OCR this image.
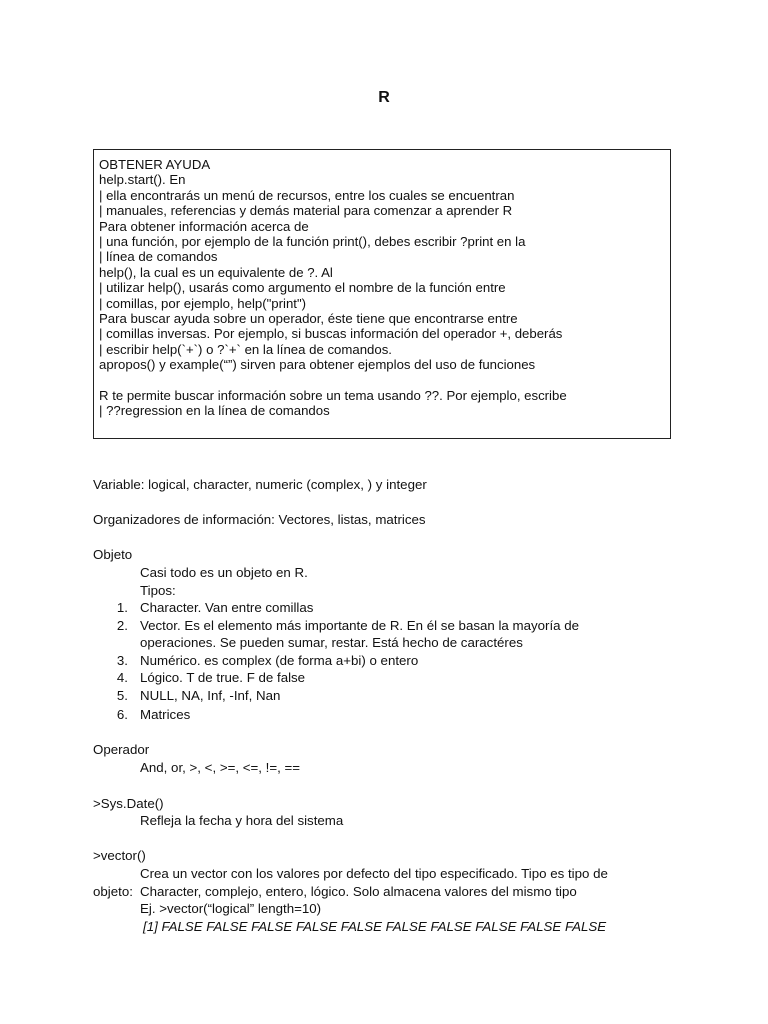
R
OBTENER AYUDA
help.start(). En
| ella encontrarás un menú de recursos, entre los cuales se encuentran
| manuales, referencias y demás material para comenzar a aprender R
Para obtener información acerca de
| una función, por ejemplo de la función print(), debes escribir ?print en la
| línea de comandos
help(), la cual es un equivalente de ?. Al
| utilizar help(), usarás como argumento el nombre de la función entre
| comillas, por ejemplo, help("print")
Para buscar ayuda sobre un operador, éste tiene que encontrarse entre
| comillas inversas. Por ejemplo, si buscas información del operador +, deberás
| escribir help(`+`) o ?`+` en la línea de comandos.
apropos() y example(“”) sirven para obtener ejemplos del uso de funciones
R te permite buscar información sobre un tema usando ??. Por ejemplo, escribe
| ??regression en la línea de comandos
Variable: logical, character, numeric (complex, ) y integer
Organizadores de información: Vectores, listas, matrices
Objeto
Casi todo es un objeto en R.
Tipos:
1. Character. Van entre comillas
2. Vector. Es el elemento más importante de R. En él se basan la mayoría de
operaciones. Se pueden sumar, restar. Está hecho de caractéres
3. Numérico. es complex (de forma a+bi) o entero
4. Lógico. T de true. F de false
5. NULL, NA, Inf, -Inf, Nan
6. Matrices
Operador
And, or, >, <, >=, <=, !=, ==
>Sys.Date()
Refleja la fecha y hora del sistema
>vector()
Crea un vector con los valores por defecto del tipo especificado. Tipo es tipo de
objeto: Character, complejo, entero, lógico. Solo almacena valores del mismo tipo
Ej. >vector(“logical” length=10)
[1] FALSE FALSE FALSE FALSE FALSE FALSE FALSE FALSE FALSE FALSE
